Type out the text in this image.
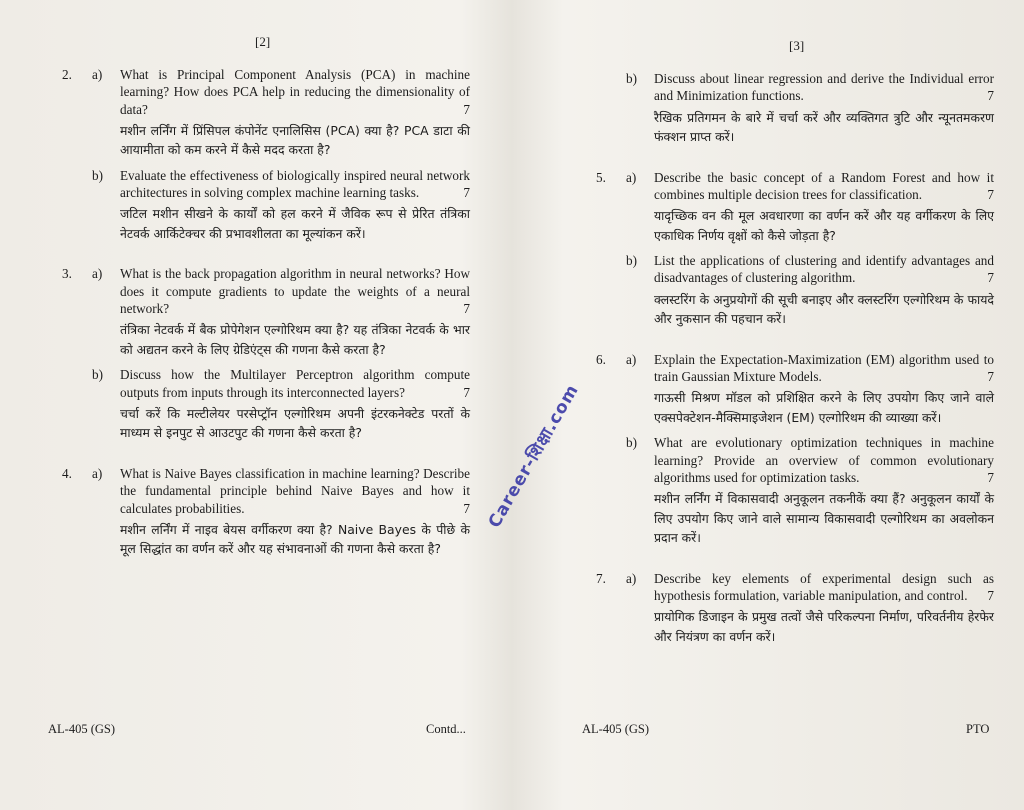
[2]
2. a) What is Principal Component Analysis (PCA) in machine learning? How does PCA help in reducing the dimensionality of data?	7
मशीन लर्निंग में प्रिंसिपल कंपोनेंट एनालिसिस (PCA) क्या है? PCA डाटा की आयामीता को कम करने में कैसे मदद करता है?
b) Evaluate the effectiveness of biologically inspired neural network architectures in solving complex machine learning tasks.	7
जटिल मशीन सीखने के कार्यों को हल करने में जैविक रूप से प्रेरित तंत्रिका नेटवर्क आर्किटेक्चर की प्रभावशीलता का मूल्यांकन करें।
3. a) What is the back propagation algorithm in neural networks? How does it compute gradients to update the weights of a neural network?	7
तंत्रिका नेटवर्क में बैक प्रोपेगेशन एल्गोरिथम क्या है? यह तंत्रिका नेटवर्क के भार को अद्यतन करने के लिए ग्रेडिएंट्स की गणना कैसे करता है?
b) Discuss how the Multilayer Perceptron algorithm compute outputs from inputs through its interconnected layers?	7
चर्चा करें कि मल्टीलेयर परसेप्ट्रॉन एल्गोरिथम अपनी इंटरकनेक्टेड परतों के माध्यम से इनपुट से आउटपुट की गणना कैसे करता है?
4. a) What is Naive Bayes classification in machine learning? Describe the fundamental principle behind Naive Bayes and how it calculates probabilities.	7
मशीन लर्निंग में नाइव बेयस वर्गीकरण क्या है? Naive Bayes के पीछे के मूल सिद्धांत का वर्णन करें और यह संभावनाओं की गणना कैसे करता है?
AL-405 (GS)	Contd...
Career-शिक्षा.com
[3]
b) Discuss about linear regression and derive the Individual error and Minimization functions.	7
रैखिक प्रतिगमन के बारे में चर्चा करें और व्यक्तिगत त्रुटि और न्यूनतमकरण फंक्शन प्राप्त करें।
5. a) Describe the basic concept of a Random Forest and how it combines multiple decision trees for classification.	7
यादृच्छिक वन की मूल अवधारणा का वर्णन करें और यह वर्गीकरण के लिए एकाधिक निर्णय वृक्षों को कैसे जोड़ता है?
b) List the applications of clustering and identify advantages and disadvantages of clustering algorithm.	7
क्लस्टरिंग के अनुप्रयोगों की सूची बनाइए और क्लस्टरिंग एल्गोरिथम के फायदे और नुकसान की पहचान करें।
6. a) Explain the Expectation-Maximization (EM) algorithm used to train Gaussian Mixture Models.	7
गाऊसी मिश्रण मॉडल को प्रशिक्षित करने के लिए उपयोग किए जाने वाले एक्सपेक्टेशन-मैक्सिमाइजेशन (EM) एल्गोरिथम की व्याख्या करें।
b) What are evolutionary optimization techniques in machine learning? Provide an overview of common evolutionary algorithms used for optimization tasks.	7
मशीन लर्निंग में विकासवादी अनुकूलन तकनीकें क्या हैं? अनुकूलन कार्यों के लिए उपयोग किए जाने वाले सामान्य विकासवादी एल्गोरिथम का अवलोकन प्रदान करें।
7. a) Describe key elements of experimental design such as hypothesis formulation, variable manipulation, and control. 7
प्रायोगिक डिजाइन के प्रमुख तत्वों जैसे परिकल्पना निर्माण, परिवर्तनीय हेरफेर और नियंत्रण का वर्णन करें।
AL-405 (GS)	PTO
